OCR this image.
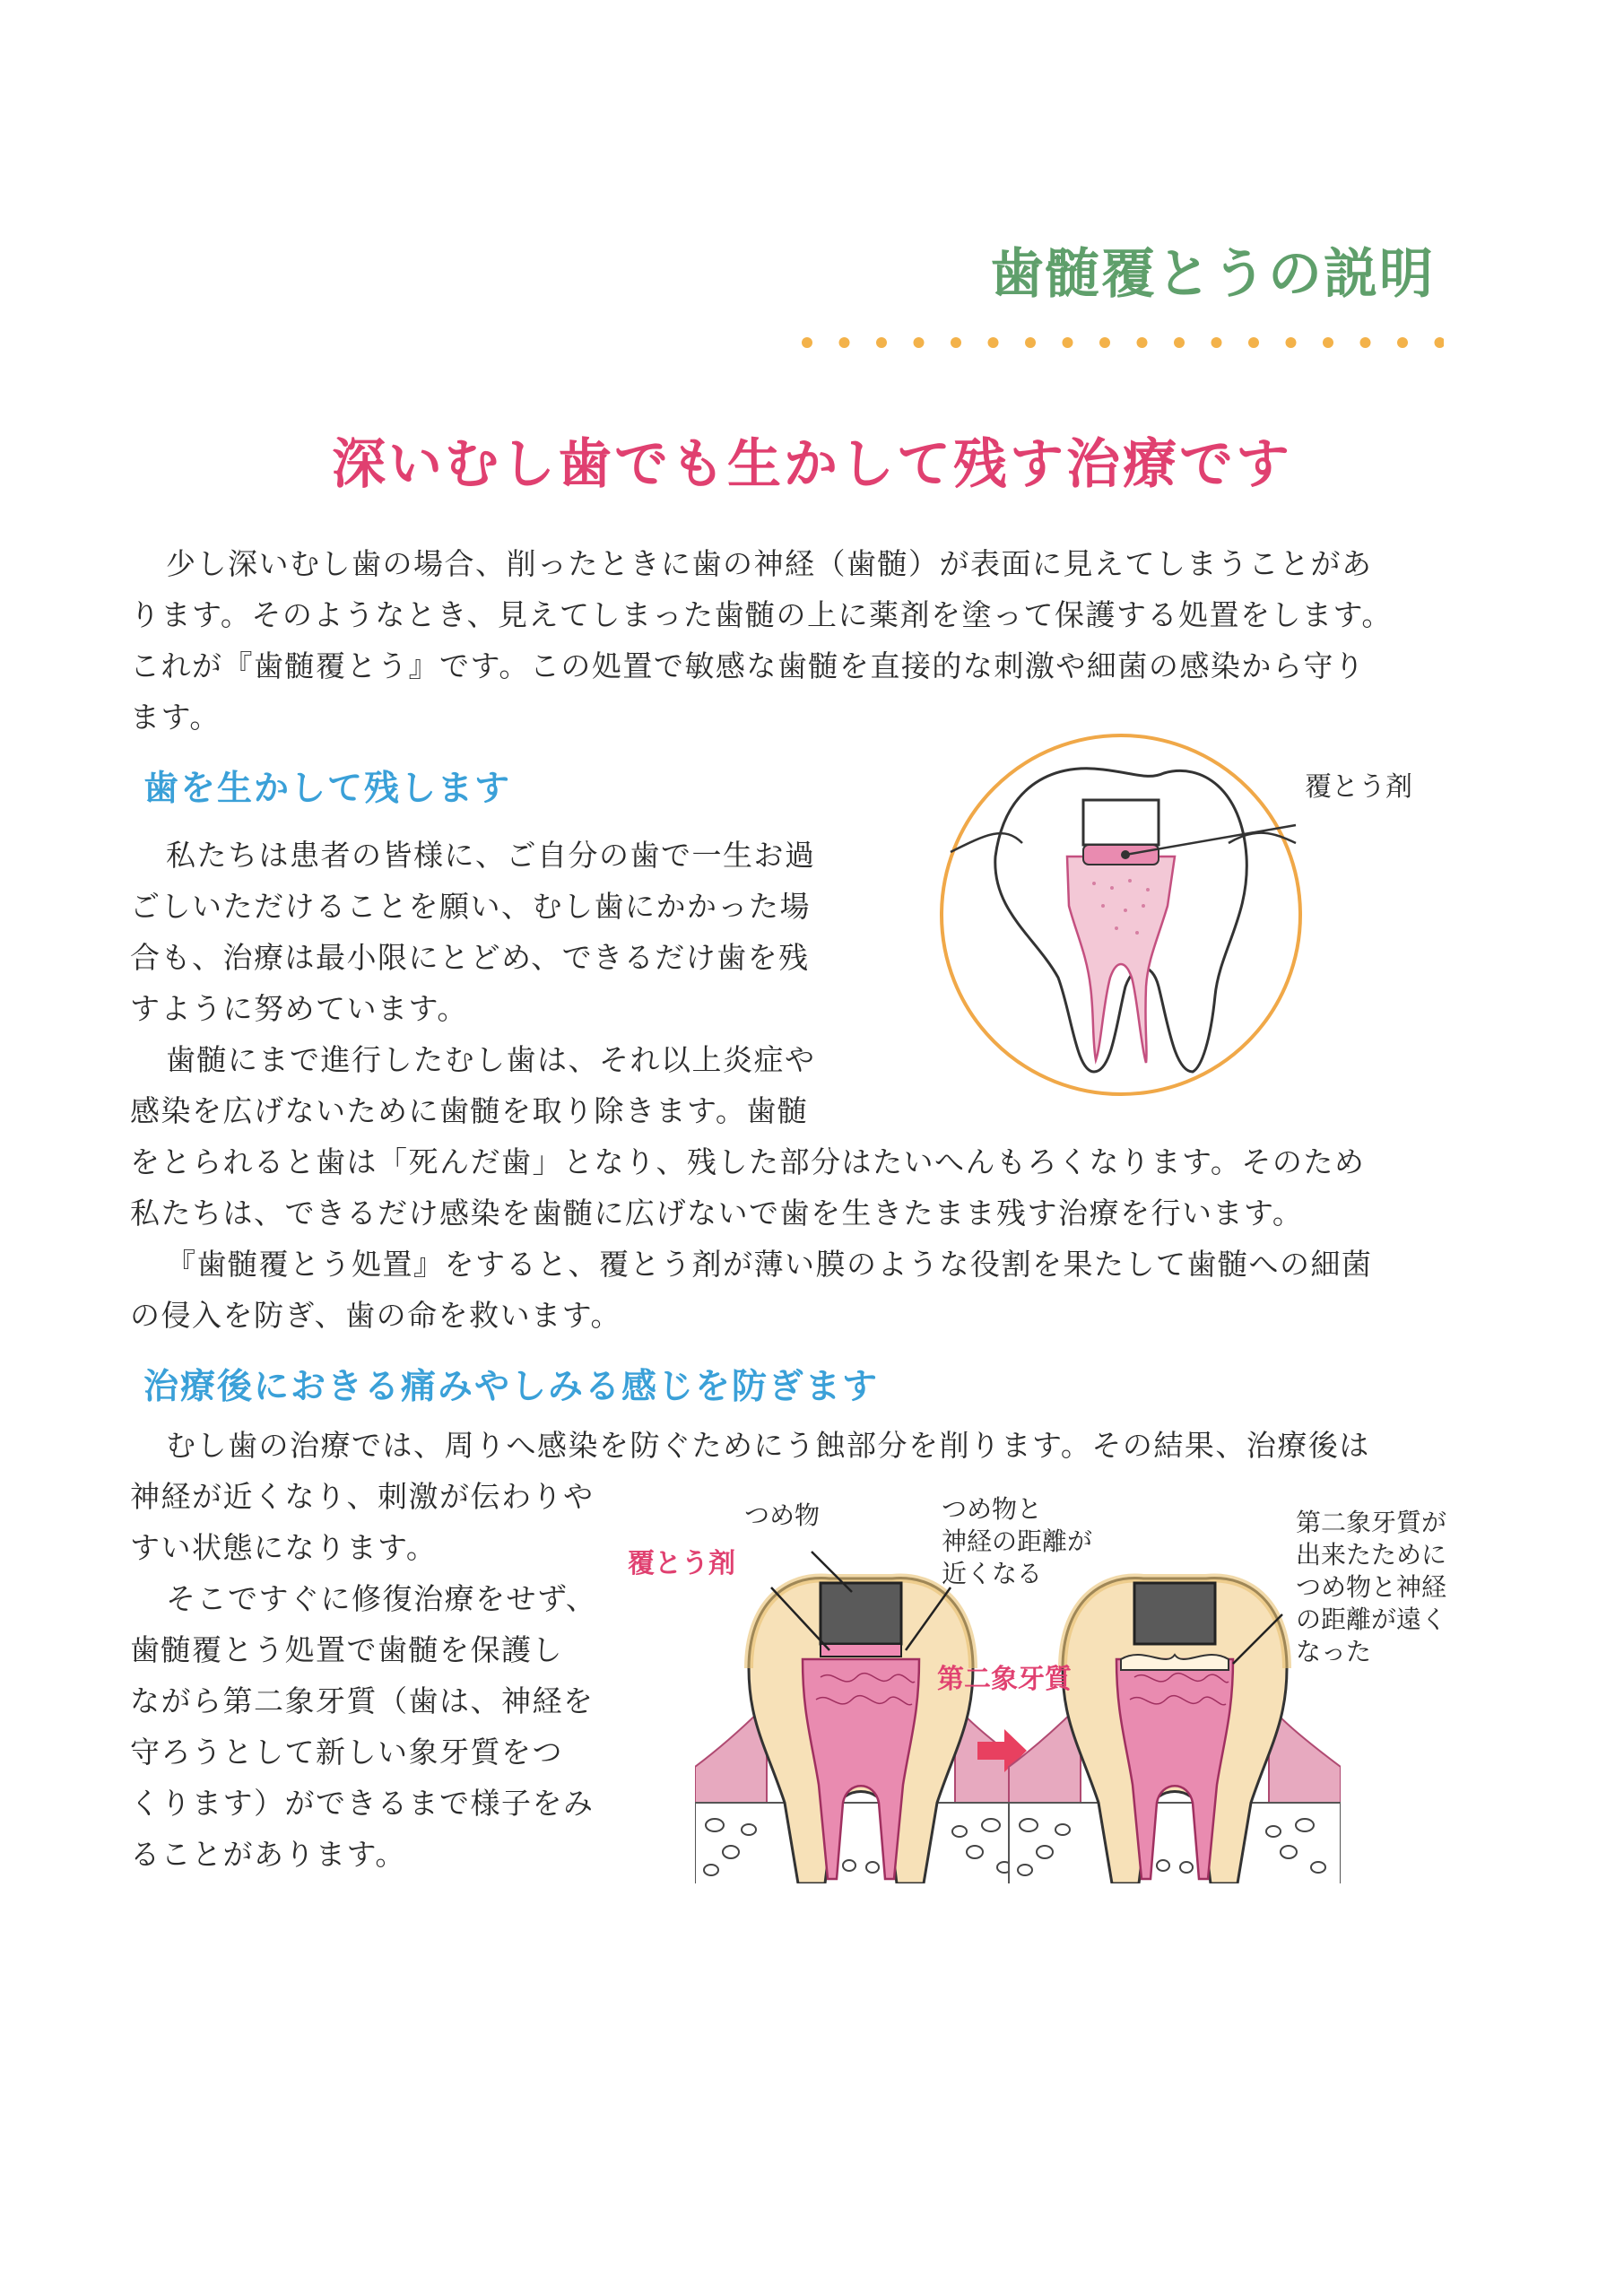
歯髄覆とうの説明
深いむし歯でも生かして残す治療です

少し深いむし歯の場合、削ったときに歯の神経（歯髄）が表面に見えてしまうことがあ

ります。そのようなとき、見えてしまった歯髄の上に薬剤を塗って保護する処置をします。

これが『歯髄覆とう』です。この処置で敏感な歯髄を直接的な刺激や細菌の感染から守り

ます。

歯を生かして残します

私たちは患者の皆様に、ご自分の歯で一生お過

ごしいただけることを願い、むし歯にかかった場

合も、治療は最小限にとどめ、できるだけ歯を残

すように努めています。

歯髄にまで進行したむし歯は、それ以上炎症や

感染を広げないために歯髄を取り除きます。歯髄

をとられると歯は「死んだ歯」となり、残した部分はたいへんもろくなります。そのため

私たちは、できるだけ感染を歯髄に広げないで歯を生きたまま残す治療を行います。

『歯髄覆とう処置』をすると、覆とう剤が薄い膜のような役割を果たして歯髄への細菌

の侵入を防ぎ、歯の命を救います。

覆とう剤
治療後におきる痛みやしみる感じを防ぎます

むし歯の治療では、周りへ感染を防ぐためにう蝕部分を削ります。その結果、治療後は

神経が近くなり、刺激が伝わりや

すい状態になります。

そこですぐに修復治療をせず、

歯髄覆とう処置で歯髄を保護し

ながら第二象牙質（歯は、神経を

守ろうとして新しい象牙質をつ

くります）ができるまで様子をみ

ることがあります。

つめ物
覆とう剤
つめ物と
神経の距離が
近くなる
第二象牙質
第二象牙質が
出来たために
つめ物と神経
の距離が遠く
なった
